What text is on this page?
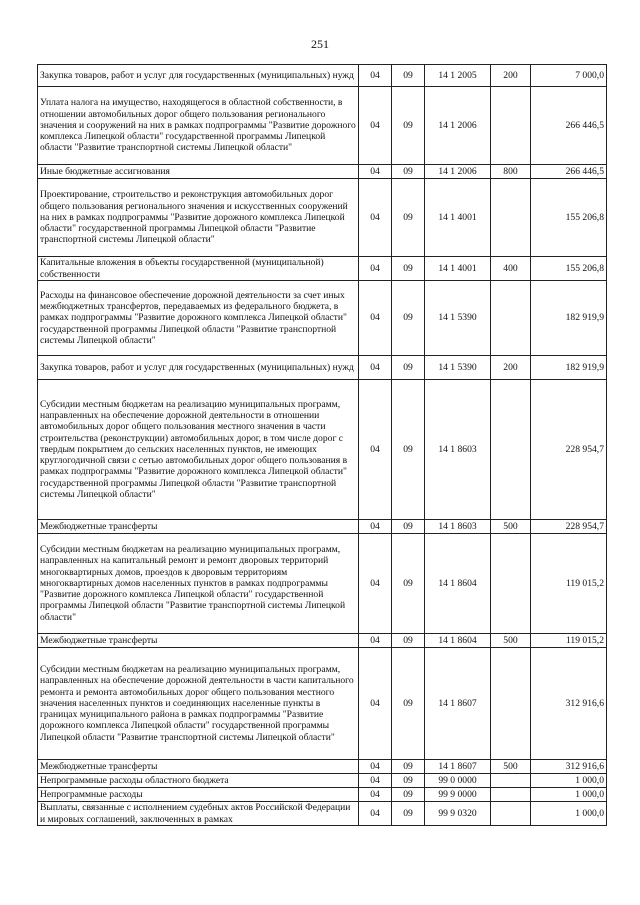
251
Закупка товаров, работ и услуг для государственных (муниципальных) нужд	04	09	14 1 2005	200	7 000,0
Уплата налога на имущество, находящегося в областной собственности, в отношении автомобильных дорог общего пользования регионального значения и сооружений на них в рамках подпрограммы "Развитие дорожного комплекса Липецкой области" государственной программы Липецкой области "Развитие транспортной системы Липецкой области"	04	09	14 1 2006		266 446,5
Иные бюджетные ассигнования	04	09	14 1 2006	800	266 446,5
Проектирование, строительство и реконструкция автомобильных дорог общего пользования регионального значения и искусственных сооружений на них в рамках подпрограммы "Развитие дорожного комплекса Липецкой области" государственной программы Липецкой области "Развитие транспортной системы Липецкой области"	04	09	14 1 4001		155 206,8
Капитальные вложения в объекты государственной (муниципальной) собственности	04	09	14 1 4001	400	155 206,8
Расходы на финансовое обеспечение дорожной деятельности за счет иных межбюджетных трансфертов, передаваемых из федерального бюджета, в рамках подпрограммы "Развитие дорожного комплекса Липецкой области" государственной программы Липецкой области "Развитие транспортной системы Липецкой области"	04	09	14 1 5390		182 919,9
Закупка товаров, работ и услуг для государственных (муниципальных) нужд	04	09	14 1 5390	200	182 919,9
Субсидии местным бюджетам на реализацию муниципальных программ, направленных на обеспечение дорожной деятельности в отношении автомобильных дорог общего пользования местного значения в части строительства (реконструкции) автомобильных дорог, в том числе дорог с твердым покрытием до сельских населенных пунктов, не имеющих круглогодичной связи с сетью автомобильных дорог общего пользования в рамках подпрограммы "Развитие дорожного комплекса Липецкой области" государственной программы Липецкой области "Развитие транспортной системы Липецкой области"	04	09	14 1 8603		228 954,7
Межбюджетные трансферты	04	09	14 1 8603	500	228 954,7
Субсидии местным бюджетам на реализацию муниципальных программ, направленных на капитальный ремонт и ремонт дворовых территорий многоквартирных домов, проездов к дворовым территориям многоквартирных домов населенных пунктов в рамках подпрограммы "Развитие дорожного комплекса Липецкой области" государственной программы Липецкой области "Развитие транспортной системы Липецкой области"	04	09	14 1 8604		119 015,2
Межбюджетные трансферты	04	09	14 1 8604	500	119 015,2
Субсидии местным бюджетам на реализацию муниципальных программ, направленных на обеспечение дорожной деятельности в части капитального ремонта и ремонта автомобильных дорог общего пользования местного значения населенных пунктов и соединяющих населенные пункты в границах муниципального района в рамках подпрограммы "Развитие дорожного комплекса Липецкой области" государственной программы Липецкой области "Развитие транспортной системы Липецкой области"	04	09	14 1 8607		312 916,6
Межбюджетные трансферты	04	09	14 1 8607	500	312 916,6
Непрограммные расходы областного бюджета	04	09	99 0 0000		1 000,0
Непрограммные расходы	04	09	99 9 0000		1 000,0
Выплаты, связанные с исполнением судебных актов Российской Федерации и мировых соглашений, заключенных в рамках	04	09	99 9 0320		1 000,0
